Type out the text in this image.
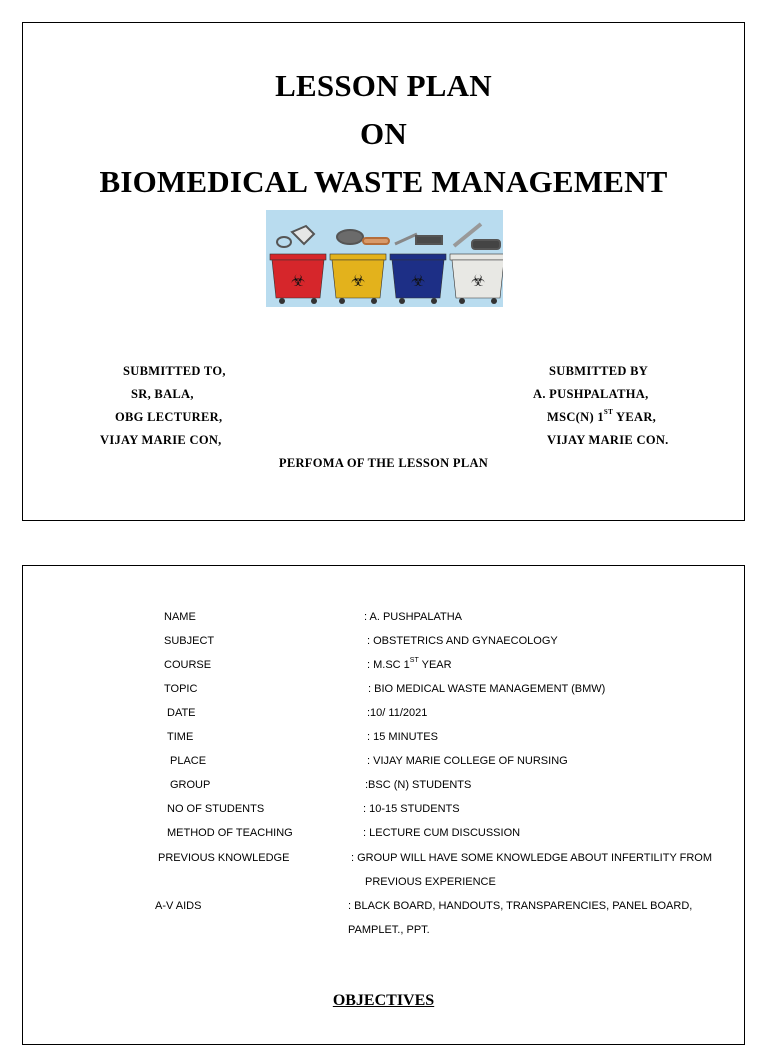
LESSON PLAN
ON
BIOMEDICAL WASTE MANAGEMENT
☣	☣	☣	☣
SUBMITTED TO,
SR, BALA,
OBG LECTURER,
VIJAY MARIE CON,
SUBMITTED BY
A. PUSHPALATHA,
MSC(N) 1ST YEAR,
VIJAY MARIE CON.
PERFOMA OF THE LESSON PLAN
NAME	: A. PUSHPALATHA
SUBJECT	: OBSTETRICS AND GYNAECOLOGY
COURSE	: M.SC 1ST YEAR
TOPIC	: BIO MEDICAL WASTE MANAGEMENT (BMW)
DATE	:10/ 11/2021
TIME	: 15 MINUTES
PLACE	: VIJAY MARIE COLLEGE OF NURSING
GROUP	:BSC (N) STUDENTS
NO OF STUDENTS	: 10-15 STUDENTS
METHOD OF TEACHING	: LECTURE CUM DISCUSSION
PREVIOUS KNOWLEDGE	: GROUP WILL HAVE SOME KNOWLEDGE ABOUT INFERTILITY FROM
PREVIOUS EXPERIENCE
A-V AIDS	: BLACK BOARD, HANDOUTS, TRANSPARENCIES, PANEL BOARD,
PAMPLET., PPT.
OBJECTIVES
